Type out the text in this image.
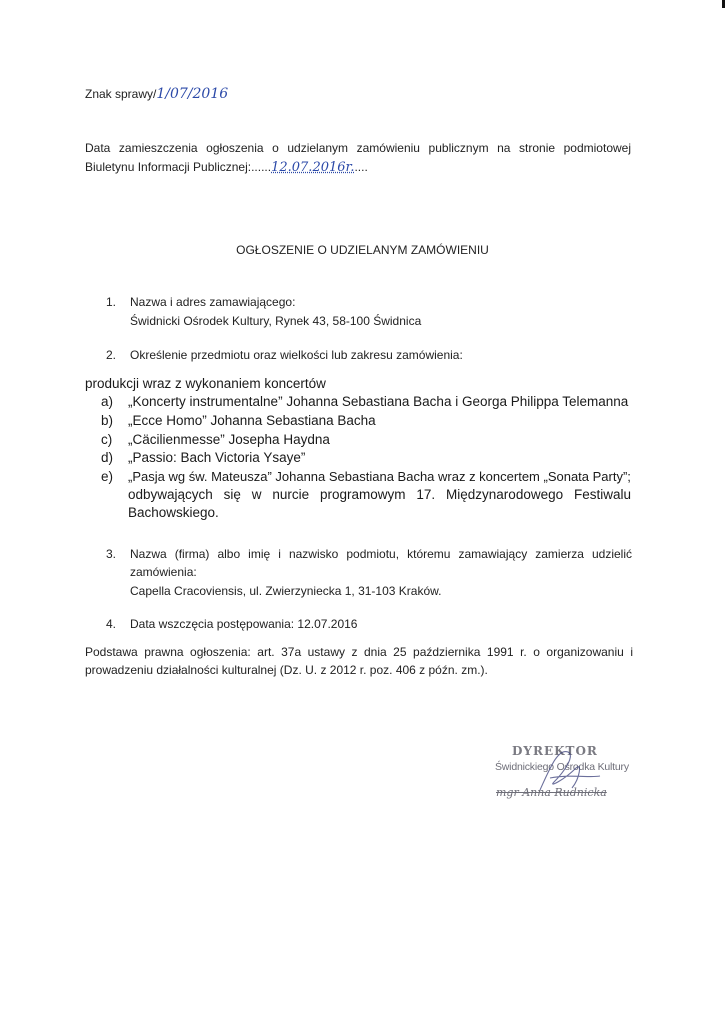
Znak sprawy/1/07/2016
Data zamieszczenia ogłoszenia o udzielanym zamówieniu publicznym na stronie podmiotowej
Biuletynu Informacji Publicznej:......12.07.2016r.....
OGŁOSZENIE O UDZIELANYM ZAMÓWIENIU
1. Nazwa i adres zamawiającego:
Świdnicki Ośrodek Kultury, Rynek 43, 58-100 Świdnica
2. Określenie przedmiotu oraz wielkości lub zakresu zamówienia:
produkcji wraz z wykonaniem koncertów
a) „Koncerty instrumentalne” Johanna Sebastiana Bacha i Georga Philippa Telemanna
b) „Ecce Homo” Johanna Sebastiana Bacha
c) „Cäcilienmesse” Josepha Haydna
d) „Passio: Bach Victoria Ysaye”
e) „Pasja wg św. Mateusza” Johanna Sebastiana Bacha wraz z koncertem „Sonata Party”;
odbywających się w nurcie programowym 17. Międzynarodowego Festiwalu
Bachowskiego.
3. Nazwa (firma) albo imię i nazwisko podmiotu, któremu zamawiający zamierza udzielić
zamówienia:
Capella Cracoviensis, ul. Zwierzyniecka 1, 31-103 Kraków.
4. Data wszczęcia postępowania: 12.07.2016
Podstawa prawna ogłoszenia: art. 37a ustawy z dnia 25 października 1991 r. o organizowaniu i
prowadzeniu działalności kulturalnej (Dz. U. z 2012 r. poz. 406 z późn. zm.).
DYREKTOR
Świdnickiego Ośrodka Kultury
mgr Anna Rudnicka
